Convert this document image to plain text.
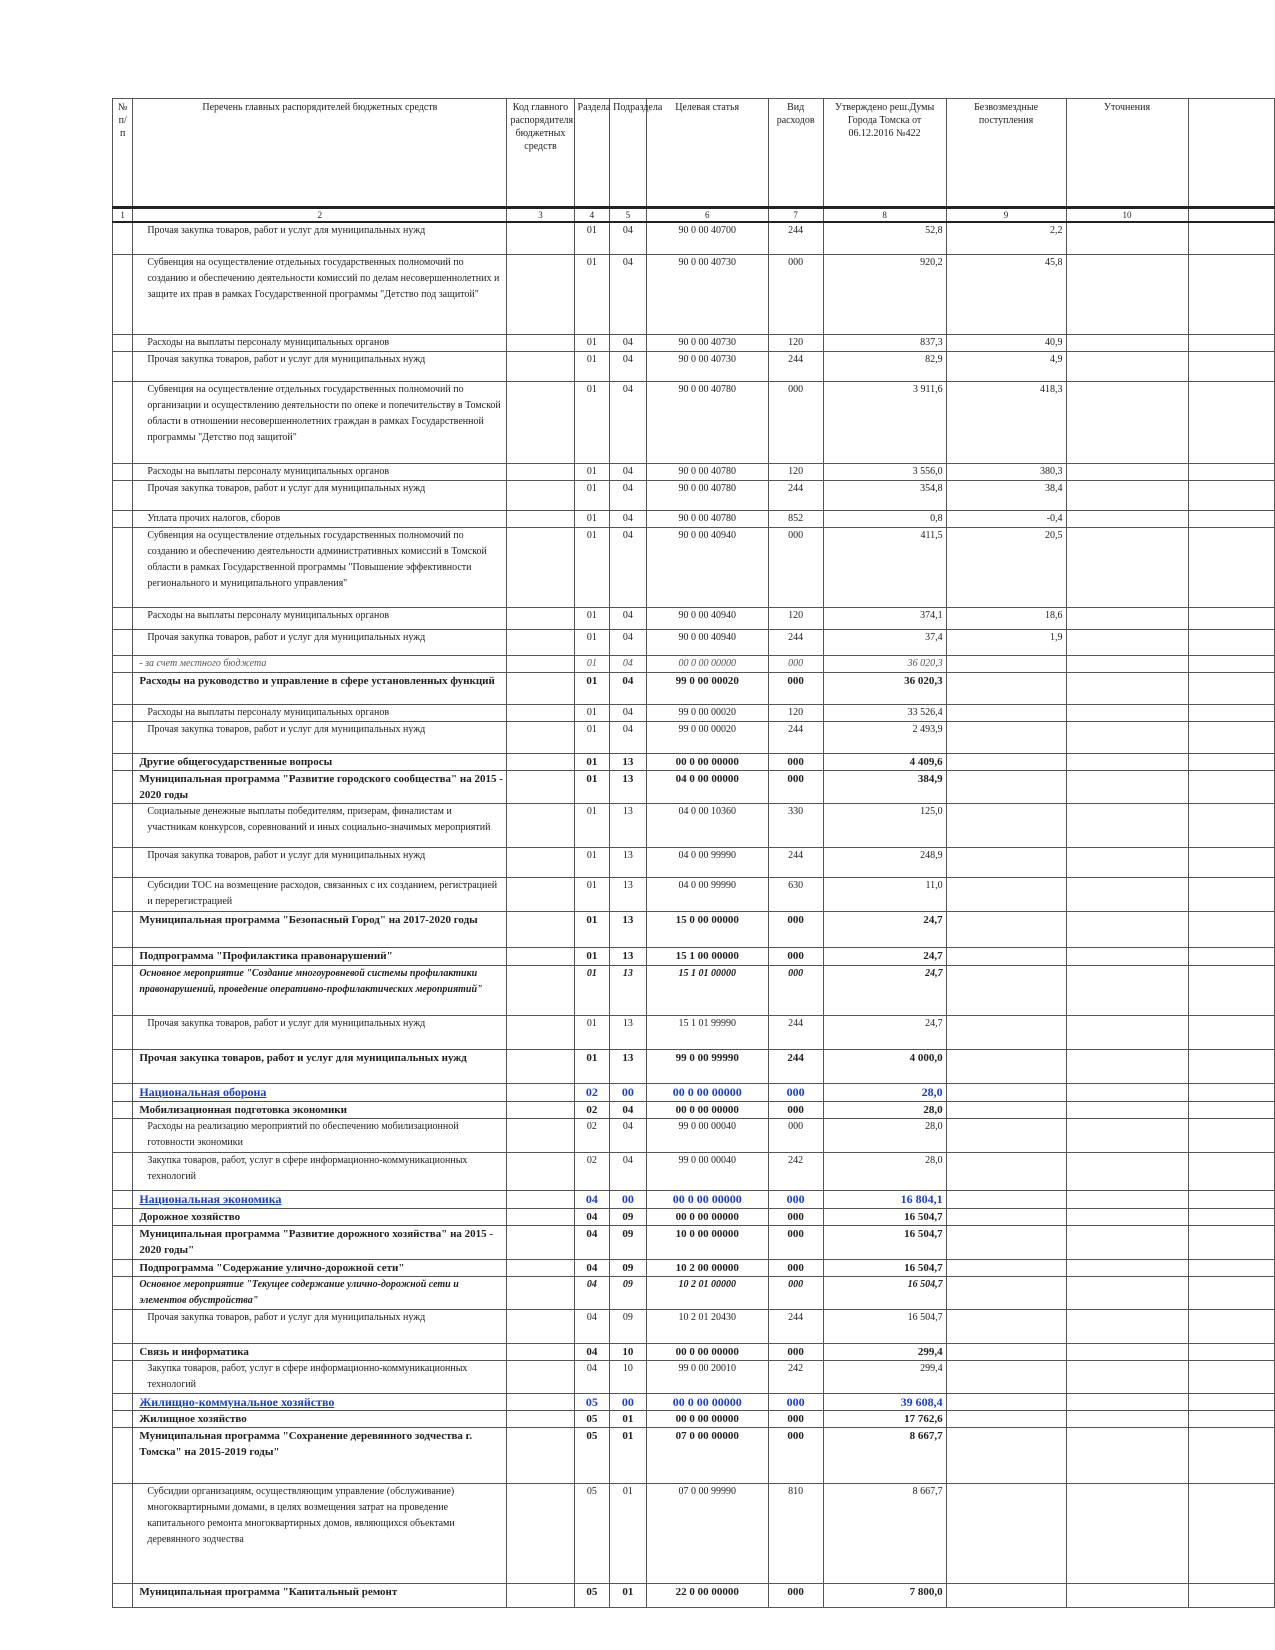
№ п/п	Перечень главных распорядителей бюджетных средств	Код главного распорядителя бюджетных средств	Раздела	Подраздела	Целевая статья	Вид расходов	Утверждено реш.Думы Города Томска от 06.12.2016 №422	Безвозмездные поступления	Уточнения	
1	2	3	4	5	6	7	8	9	10	
	Прочая закупка товаров, работ и услуг для муниципальных нужд		01	04	90 0 00 40700	244	52,8	2,2		
	Субвенция на осуществление отдельных государственных полномочий по созданию и обеспечению деятельности комиссий по делам несовершеннолетних и защите их прав в рамках Государственной программы "Детство под защитой"		01	04	90 0 00 40730	000	920,2	45,8		
	Расходы на выплаты персоналу муниципальных органов		01	04	90 0 00 40730	120	837,3	40,9		
	Прочая закупка товаров, работ и услуг для муниципальных нужд		01	04	90 0 00 40730	244	82,9	4,9		
	Субвенция на осуществление отдельных государственных полномочий по организации и осуществлению деятельности по опеке и попечительству в Томской области в отношении несовершеннолетних граждан в рамках Государственной программы "Детство под защитой"		01	04	90 0 00 40780	000	3 911,6	418,3		
	Расходы на выплаты персоналу муниципальных органов		01	04	90 0 00 40780	120	3 556,0	380,3		
	Прочая закупка товаров, работ и услуг для муниципальных нужд		01	04	90 0 00 40780	244	354,8	38,4		
	Уплата прочих налогов, сборов		01	04	90 0 00 40780	852	0,8	-0,4		
	Субвенция на осуществление отдельных государственных полномочий по созданию и обеспечению деятельности административных комиссий в Томской области в рамках Государственной программы "Повышение эффективности регионального и муниципального управления"		01	04	90 0 00 40940	000	411,5	20,5		
	Расходы на выплаты персоналу муниципальных органов		01	04	90 0 00 40940	120	374,1	18,6		
	Прочая закупка товаров, работ и услуг для муниципальных нужд		01	04	90 0 00 40940	244	37,4	1,9		
	- за счет местного бюджета		01	04	00 0 00 00000	000	36 020,3			
	Расходы на руководство и управление в сфере установленных функций		01	04	99 0 00 00020	000	36 020,3			
	Расходы на выплаты персоналу муниципальных органов		01	04	99 0 00 00020	120	33 526,4			
	Прочая закупка товаров, работ и услуг для муниципальных нужд		01	04	99 0 00 00020	244	2 493,9			
	Другие общегосударственные вопросы		01	13	00 0 00 00000	000	4 409,6			
	Муниципальная программа "Развитие городского сообщества" на 2015 - 2020 годы		01	13	04 0 00 00000	000	384,9			
	Социальные денежные выплаты победителям, призерам, финалистам и участникам конкурсов, соревнований и иных социально-значимых мероприятий		01	13	04 0 00 10360	330	125,0			
	Прочая закупка товаров, работ и услуг для муниципальных нужд		01	13	04 0 00 99990	244	248,9			
	Субсидии ТОС на возмещение расходов, связанных с их созданием, регистрацией и перерегистрацией		01	13	04 0 00 99990	630	11,0			
	Муниципальная программа "Безопасный Город" на 2017-2020 годы		01	13	15 0 00 00000	000	24,7			
	Подпрограмма "Профилактика правонарушений"		01	13	15 1 00 00000	000	24,7			
	Основное мероприятие "Создание многоуровневой системы профилактики правонарушений, проведение оперативно-профилактических мероприятий"		01	13	15 1 01 00000	000	24,7			
	Прочая закупка товаров, работ и услуг для муниципальных нужд		01	13	15 1 01 99990	244	24,7			
	Прочая закупка товаров, работ и услуг для муниципальных нужд		01	13	99 0 00 99990	244	4 000,0			
	Национальная оборона		02	00	00 0 00 00000	000	28,0			
	Мобилизационная подготовка экономики		02	04	00 0 00 00000	000	28,0			
	Расходы на реализацию мероприятий по обеспечению мобилизационной готовности экономики		02	04	99 0 00 00040	000	28,0			
	Закупка товаров, работ, услуг в сфере информационно-коммуникационных технологий		02	04	99 0 00 00040	242	28,0			
	Национальная экономика		04	00	00 0 00 00000	000	16 804,1			
	Дорожное хозяйство		04	09	00 0 00 00000	000	16 504,7			
	Муниципальная программа "Развитие дорожного хозяйства" на 2015 - 2020 годы"		04	09	10 0 00 00000	000	16 504,7			
	Подпрограмма "Содержание улично-дорожной сети"		04	09	10 2 00 00000	000	16 504,7			
	Основное мероприятие "Текущее содержание улично-дорожной сети и элементов обустройства"		04	09	10 2 01 00000	000	16 504,7			
	Прочая закупка товаров, работ и услуг для муниципальных нужд		04	09	10 2 01 20430	244	16 504,7			
	Связь и информатика		04	10	00 0 00 00000	000	299,4			
	Закупка товаров, работ, услуг в сфере информационно-коммуникационных технологий		04	10	99 0 00 20010	242	299,4			
	Жилищно-коммунальное хозяйство		05	00	00 0 00 00000	000	39 608,4			
	Жилищное хозяйство		05	01	00 0 00 00000	000	17 762,6			
	Муниципальная программа "Сохранение деревянного зодчества г. Томска" на 2015-2019 годы"		05	01	07 0 00 00000	000	8 667,7			
	Субсидии организациям, осуществляющим управление (обслуживание) многоквартирными домами, в целях возмещения затрат на проведение капитального ремонта многоквартирных домов, являющихся объектами деревянного зодчества		05	01	07 0 00 99990	810	8 667,7			
	Муниципальная программа "Капитальный ремонт		05	01	22 0 00 00000	000	7 800,0			
